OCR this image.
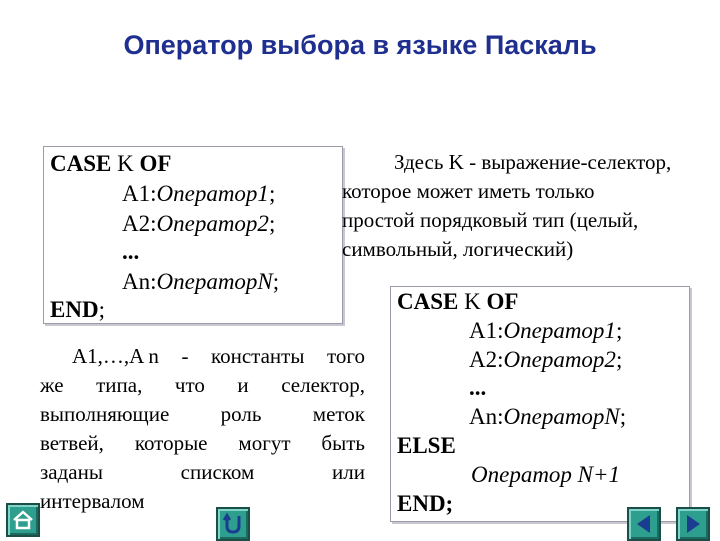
Оператор выбора в языке Паскаль
CASE K OF
A1:Оператор1;
A2:Оператор2;
...
An:ОператорN;
END;
Здесь K - выражение-селектор,
которое может иметь только
простой порядковый тип (целый,
символьный, логический)
A1,…,A n - константы того
же типа, что и селектор,
выполняющие роль меток
ветвей, которые могут быть
заданы	списком	или
интервалом
CASE K OF
A1:Оператор1;
A2:Оператор2;
...
An:ОператорN;
ELSE
Оператор N+1
END;
